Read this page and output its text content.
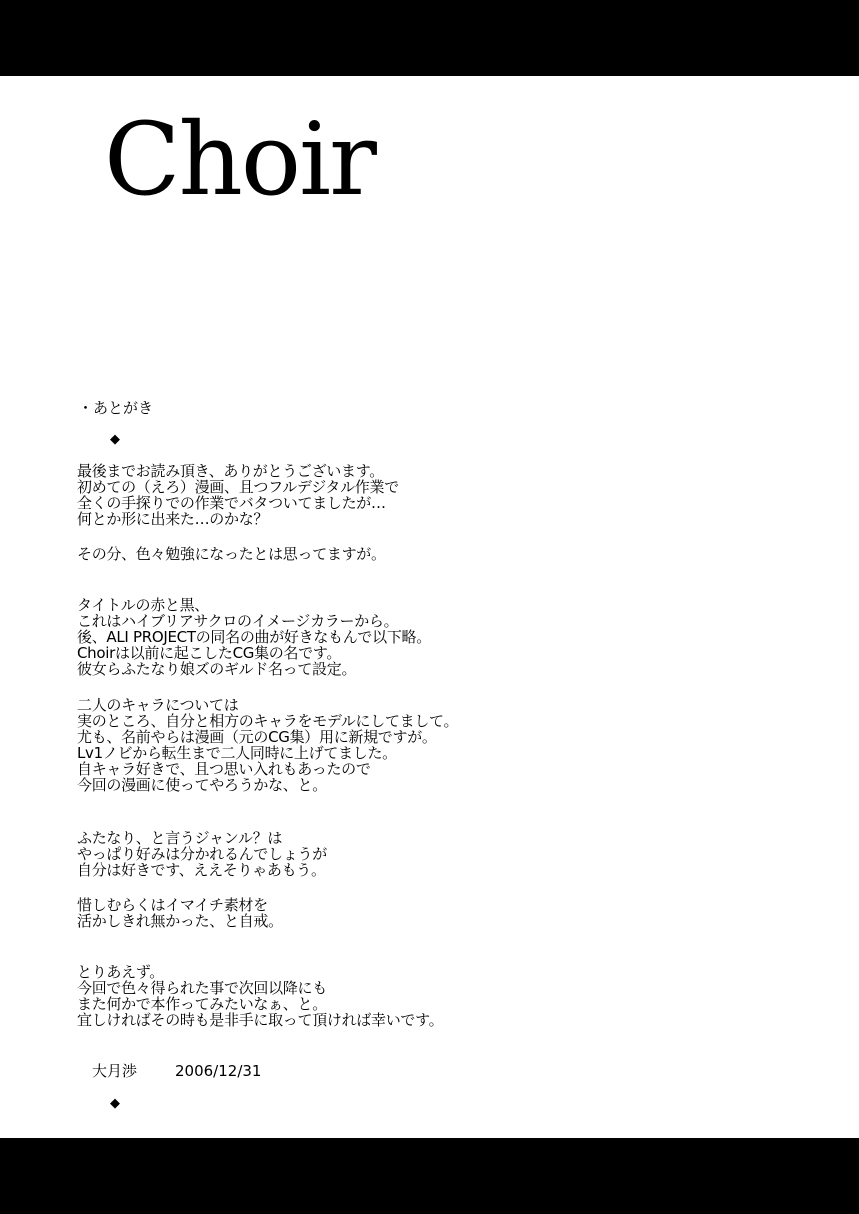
Choir
・あとがき
◆
最後までお読み頂き、ありがとうございます。
初めての（えろ）漫画、且つフルデジタル作業で
全くの手探りでの作業でバタついてましたが…
何とか形に出来た…のかな？
その分、色々勉強になったとは思ってますが。
タイトルの赤と黒、
これはハイブリアサクロのイメージカラーから。
後、ALI PROJECTの同名の曲が好きなもんで以下略。
Choirは以前に起こしたCG集の名です。
彼女らふたなり娘ズのギルド名って設定。
二人のキャラについては
実のところ、自分と相方のキャラをモデルにしてまして。
尤も、名前やらは漫画（元のCG集）用に新規ですが。
Lv1ノビから転生まで二人同時に上げてました。
自キャラ好きで、且つ思い入れもあったので
今回の漫画に使ってやろうかな、と。
ふたなり、と言うジャンル？は
やっぱり好みは分かれるんでしょうが
自分は好きです、ええそりゃあもう。
惜しむらくはイマイチ素材を
活かしきれ無かった、と自戒。
とりあえず。
今回で色々得られた事で次回以降にも
また何かで本作ってみたいなぁ、と。
宜しければその時も是非手に取って頂ければ幸いです。
大月渉	2006/12/31
◆
